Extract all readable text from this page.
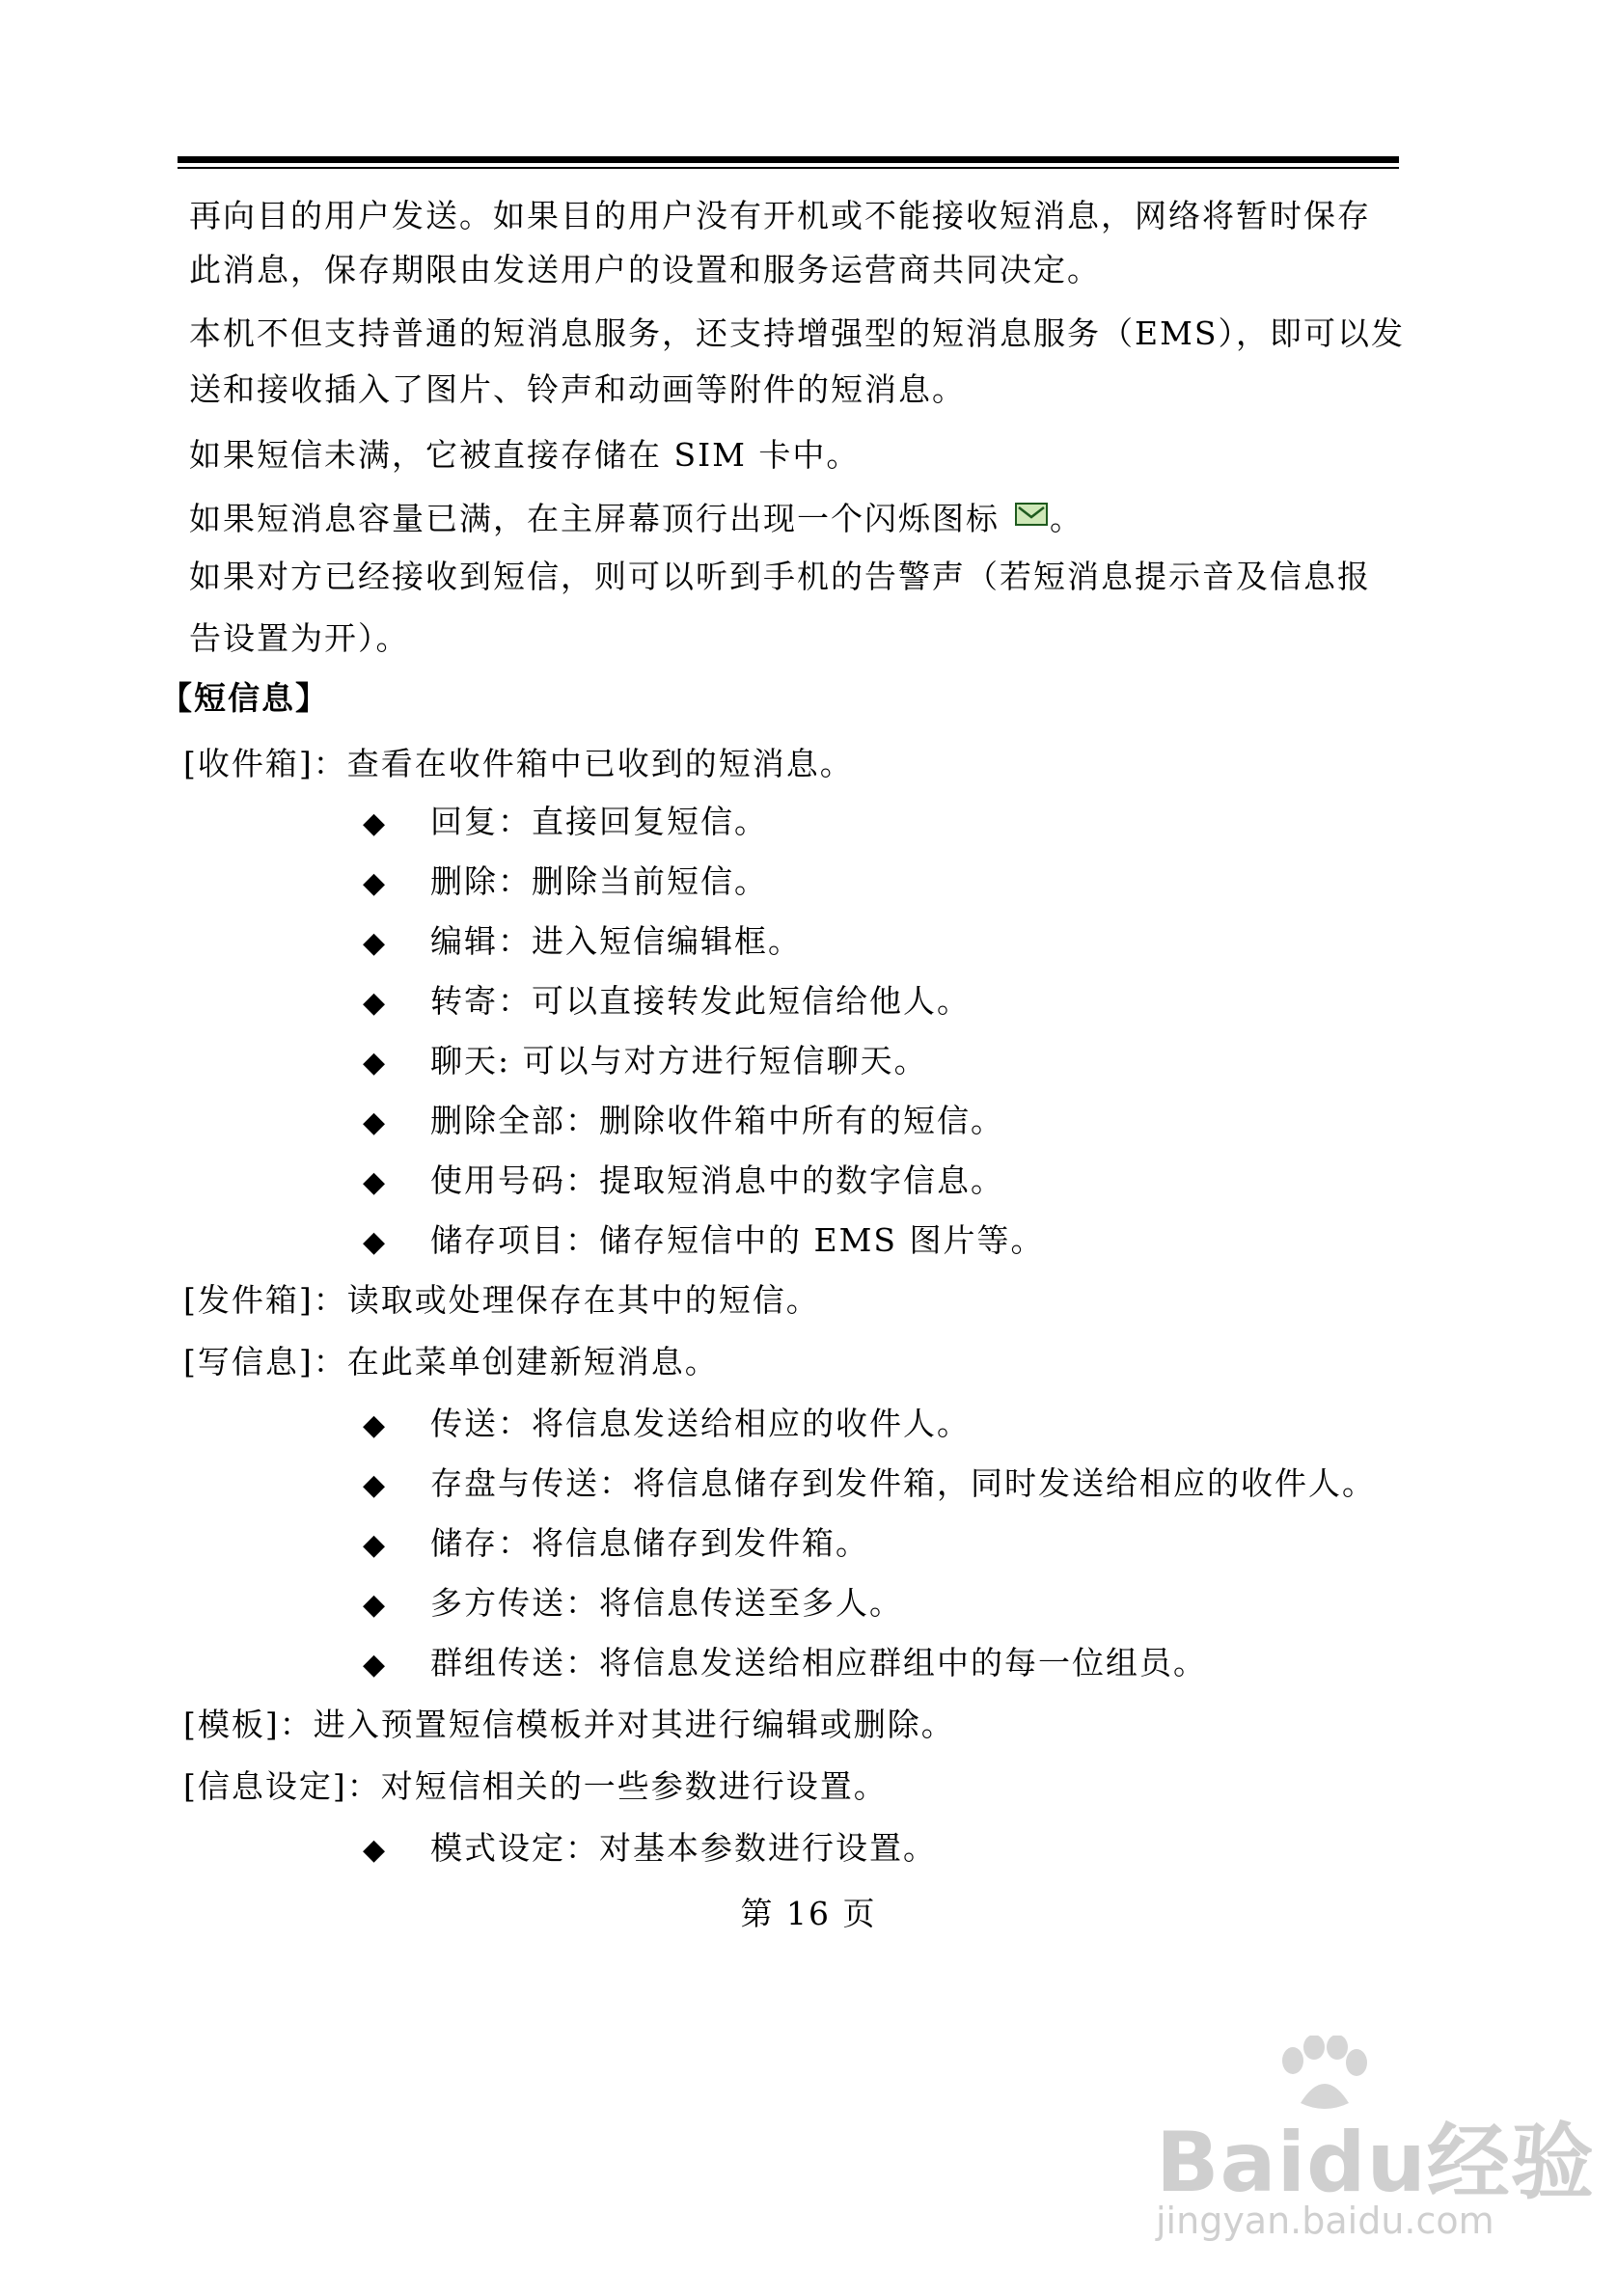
再向目的用户发送。如果目的用户没有开机或不能接收短消息，网络将暂时保存
此消息，保存期限由发送用户的设置和服务运营商共同决定。
本机不但支持普通的短消息服务，还支持增强型的短消息服务（EMS），即可以发
送和接收插入了图片、铃声和动画等附件的短消息。
如果短信未满，它被直接存储在 SIM 卡中。
如果短消息容量已满，在主屏幕顶行出现一个闪烁图标 。
如果对方已经接收到短信，则可以听到手机的告警声（若短消息提示音及信息报
告设置为开）。
【短信息】
[收件箱]：查看在收件箱中已收到的短消息。
◆ 回复：直接回复短信。
◆ 删除：删除当前短信。
◆ 编辑：进入短信编辑框。
◆ 转寄：可以直接转发此短信给他人。
◆ 聊天: 可以与对方进行短信聊天。
◆ 删除全部：删除收件箱中所有的短信。
◆ 使用号码：提取短消息中的数字信息。
◆ 储存项目：储存短信中的 EMS 图片等。
[发件箱]：读取或处理保存在其中的短信。
[写信息]：在此菜单创建新短消息。
◆ 传送：将信息发送给相应的收件人。
◆ 存盘与传送：将信息储存到发件箱，同时发送给相应的收件人。
◆ 储存：将信息储存到发件箱。
◆ 多方传送：将信息传送至多人。
◆ 群组传送：将信息发送给相应群组中的每一位组员。
[模板]：进入预置短信模板并对其进行编辑或删除。
[信息设定]：对短信相关的一些参数进行设置。
◆ 模式设定：对基本参数进行设置。
第 16 页
Baidu经验
jingyan.baidu.com
